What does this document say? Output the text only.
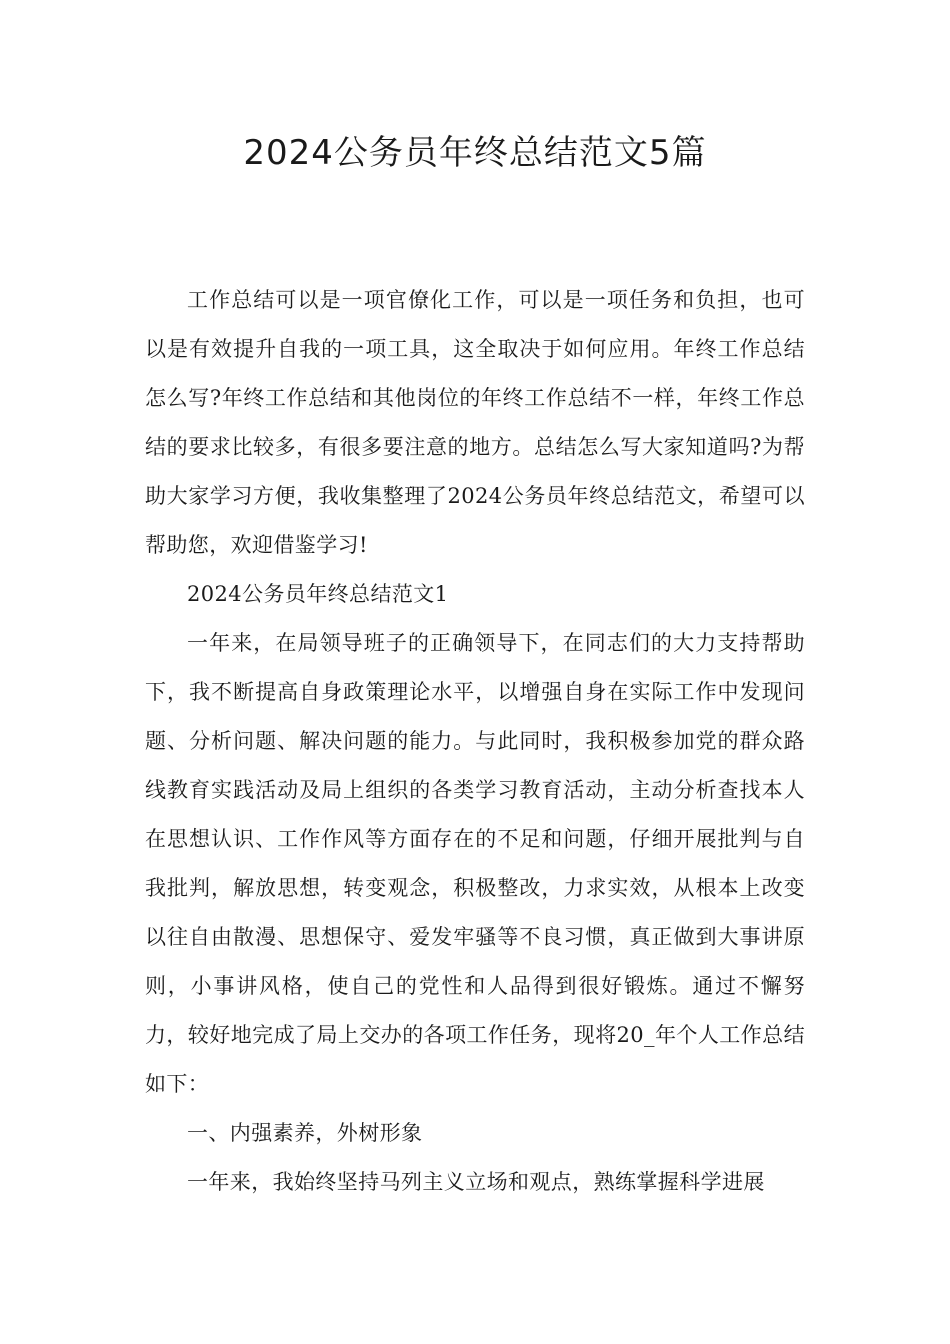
2024公务员年终总结范文5篇

工作总结可以是一项官僚化工作，可以是一项任务和负担，也可以是有效提升自我的一项工具，这全取决于如何应用。年终工作总结怎么写?年终工作总结和其他岗位的年终工作总结不一样，年终工作总结的要求比较多，有很多要注意的地方。总结怎么写大家知道吗?为帮助大家学习方便，我收集整理了2024公务员年终总结范文，希望可以帮助您，欢迎借鉴学习!

2024公务员年终总结范文1

一年来，在局领导班子的正确领导下，在同志们的大力支持帮助下，我不断提高自身政策理论水平，以增强自身在实际工作中发现问题、分析问题、解决问题的能力。与此同时，我积极参加党的群众路线教育实践活动及局上组织的各类学习教育活动，主动分析查找本人在思想认识、工作作风等方面存在的不足和问题，仔细开展批判与自我批判，解放思想，转变观念，积极整改，力求实效，从根本上改变以往自由散漫、思想保守、爱发牢骚等不良习惯，真正做到大事讲原则，小事讲风格，使自己的党性和人品得到很好锻炼。通过不懈努力，较好地完成了局上交办的各项工作任务，现将20_年个人工作总结如下：

一、内强素养，外树形象

一年来，我始终坚持马列主义立场和观点，熟练掌握科学进展
